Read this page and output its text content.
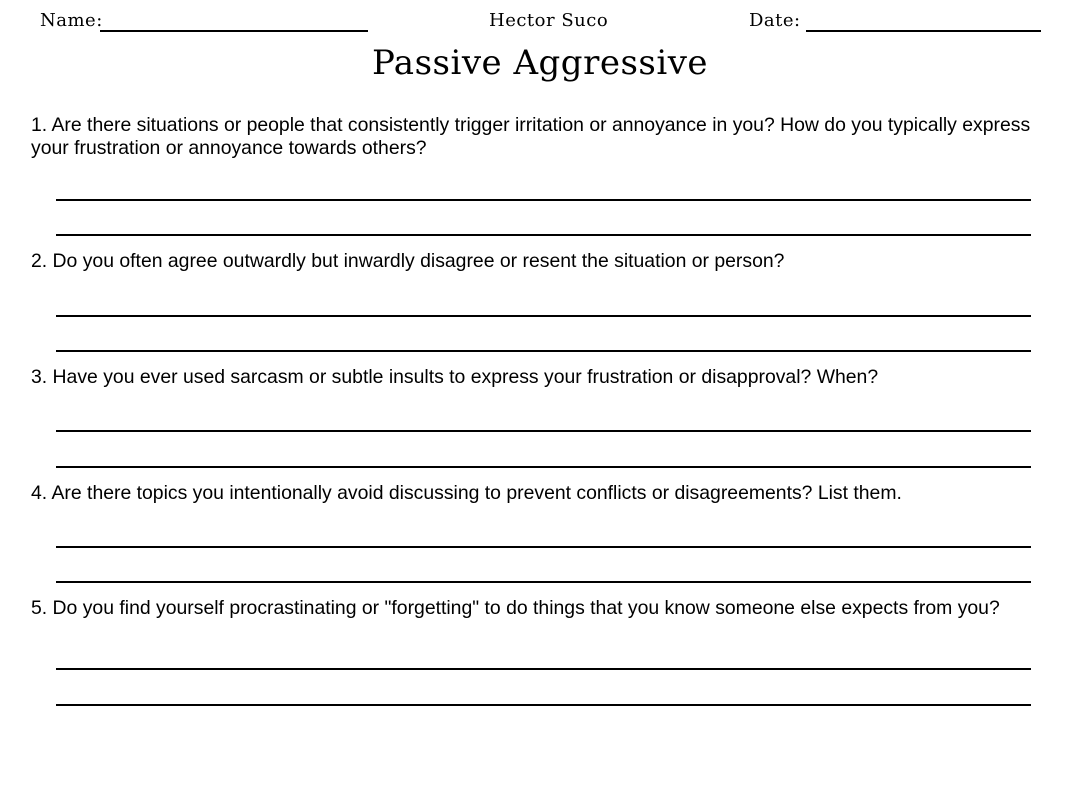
Name:	Hector Suco	Date:
Passive Aggressive
1. Are there situations or people that consistently trigger irritation or annoyance in you? How do you typically express your frustration or annoyance towards others?
2. Do you often agree outwardly but inwardly disagree or resent the situation or person?
3. Have you ever used sarcasm or subtle insults to express your frustration or disapproval? When?
4. Are there topics you intentionally avoid discussing to prevent conflicts or disagreements? List them.
5. Do you find yourself procrastinating or "forgetting" to do things that you know someone else expects from you?
